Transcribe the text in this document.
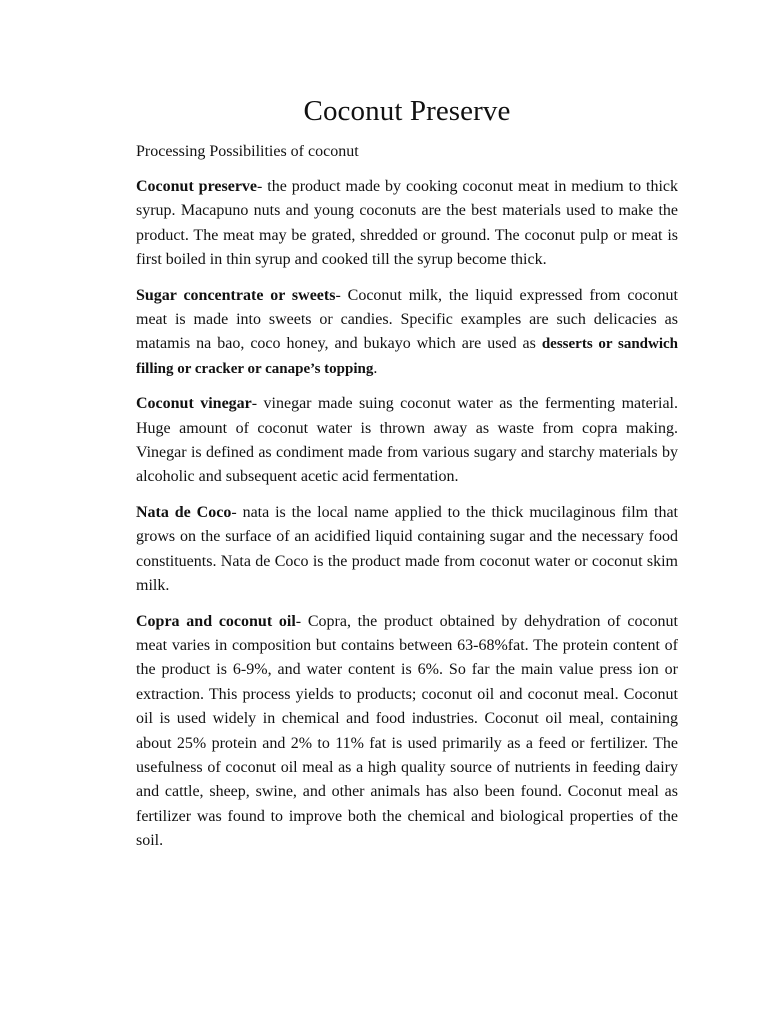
Coconut Preserve

Processing Possibilities of coconut

Coconut preserve- the product made by cooking coconut meat in medium to thick syrup. Macapuno nuts and young coconuts are the best materials used to make the product. The meat may be grated, shredded or ground. The coconut pulp or meat is first boiled in thin syrup and cooked till the syrup become thick.

Sugar concentrate or sweets- Coconut milk, the liquid expressed from coconut meat is made into sweets or candies. Specific examples are such delicacies as matamis na bao, coco honey, and bukayo which are used as desserts or sandwich filling or cracker or canape’s topping.

Coconut vinegar- vinegar made suing coconut water as the fermenting material. Huge amount of coconut water is thrown away as waste from copra making. Vinegar is defined as condiment made from various sugary and starchy materials by alcoholic and subsequent acetic acid fermentation.

Nata de Coco- nata is the local name applied to the thick mucilaginous film that grows on the surface of an acidified liquid containing sugar and the necessary food constituents. Nata de Coco is the product made from coconut water or coconut skim milk.

Copra and coconut oil- Copra, the product obtained by dehydration of coconut meat varies in composition but contains between 63-68%fat. The protein content of the product is 6-9%, and water content is 6%. So far the main value press ion or extraction. This process yields to products; coconut oil and coconut meal. Coconut oil is used widely in chemical and food industries. Coconut oil meal, containing about 25% protein and 2% to 11% fat is used primarily as a feed or fertilizer. The usefulness of coconut oil meal as a high quality source of nutrients in feeding dairy and cattle, sheep, swine, and other animals has also been found. Coconut meal as fertilizer was found to improve both the chemical and biological properties of the soil.
